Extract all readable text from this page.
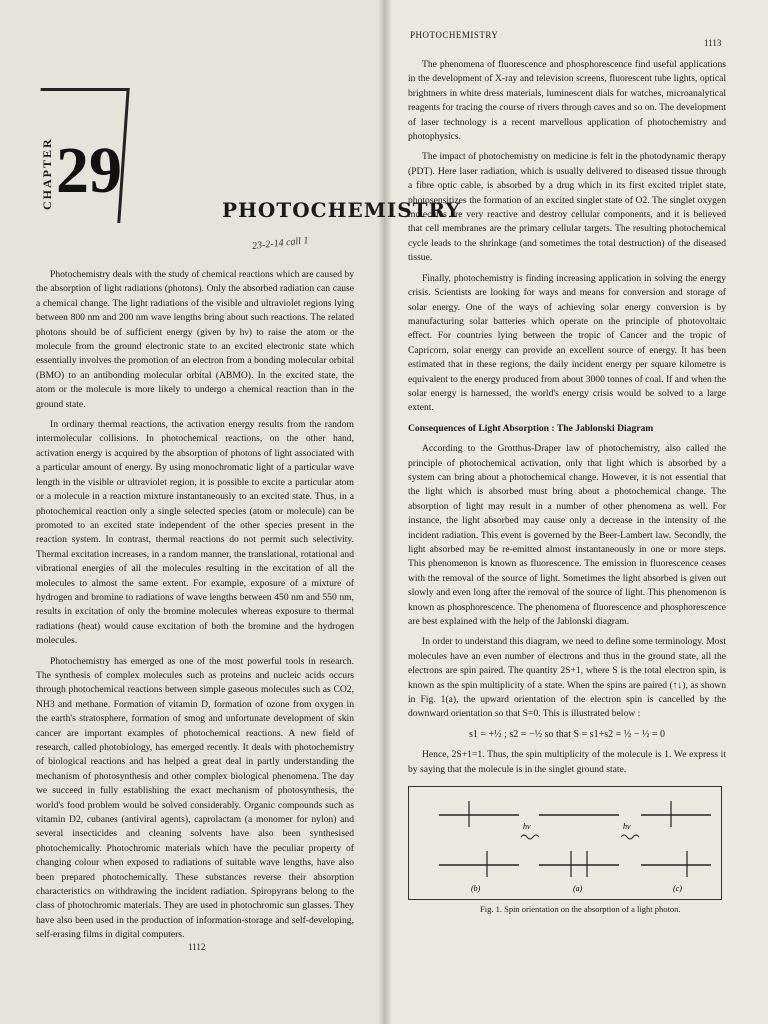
CHAPTER 29
PHOTOCHEMISTRY
23-2-14 call 1

Photochemistry deals with the study of chemical reactions which are caused by the absorption of light radiations (photons). Only the absorbed radiation can cause a chemical change. The light radiations of the visible and ultraviolet regions lying between 800 nm and 200 nm wave lengths bring about such reactions. The related photons should be of sufficient energy (given by hν) to raise the atom or the molecule from the ground electronic state to an excited electronic state which essentially involves the promotion of an electron from a bonding molecular orbital (BMO) to an antibonding molecular orbital (ABMO). In the excited state, the atom or the molecule is more likely to undergo a chemical reaction than in the ground state.

In ordinary thermal reactions, the activation energy results from the random intermolecular collisions. In photochemical reactions, on the other hand, activation energy is acquired by the absorption of photons of light associated with a particular amount of energy. By using monochromatic light of a particular wave length in the visible or ultraviolet region, it is possible to excite a particular atom or a molecule in a reaction mixture instantaneously to an excited state. Thus, in a photochemical reaction only a single selected species (atom or molecule) can be promoted to an excited state independent of the other species present in the reaction system. In contrast, thermal reactions do not permit such selectivity. Thermal excitation increases, in a random manner, the translational, rotational and vibrational energies of all the molecules resulting in the excitation of all the molecules to almost the same extent. For example, exposure of a mixture of hydrogen and bromine to radiations of wave lengths between 450 nm and 550 nm, results in excitation of only the bromine molecules whereas exposure to thermal radiations (heat) would cause excitation of both the bromine and the hydrogen molecules.

Photochemistry has emerged as one of the most powerful tools in research. The synthesis of complex molecules such as proteins and nucleic acids occurs through photochemical reactions between simple gaseous molecules such as CO2, NH3 and methane. Formation of vitamin D, formation of ozone from oxygen in the earth's stratosphere, formation of smog and unfortunate development of skin cancer are important examples of photochemical reactions. A new field of research, called photobiology, has emerged recently. It deals with photochemistry of biological reactions and has helped a great deal in partly understanding the mechanism of photosynthesis and other complex biological phenomena. The day we succeed in fully establishing the exact mechanism of photosynthesis, the world's food problem would be solved considerably. Organic compounds such as vitamin D2, cubanes (antiviral agents), caprolactam (a monomer for nylon) and several insecticides and cleaning solvents have also been synthesised photochemically. Photochromic materials which have the peculiar property of changing colour when exposed to radiations of suitable wave lengths, have also been prepared photochemically. These substances reverse their absorption characteristics on withdrawing the incident radiation. Spiropyrans belong to the class of photochromic materials. They are used in photochromic sun glasses. They have also been used in the production of information-storage and self-developing, self-erasing films in digital computers.

1112
PHOTOCHEMISTRY
1113

The phenomena of fluorescence and phosphorescence find useful applications in the development of X-ray and television screens, fluorescent tube lights, optical brightners in white dress materials, luminescent dials for watches, microanalytical reagents for tracing the course of rivers through caves and so on. The development of laser technology is a recent marvellous application of photochemistry and photophysics.

The impact of photochemistry on medicine is felt in the photodynamic therapy (PDT). Here laser radiation, which is usually delivered to diseased tissue through a fibre optic cable, is absorbed by a drug which in its first excited triplet state, photosensitizes the formation of an excited singlet state of O2. The singlet oxygen molecules are very reactive and destroy cellular components, and it is believed that cell membranes are the primary cellular targets. The resulting photochemical cycle leads to the shrinkage (and sometimes the total destruction) of the diseased tissue.

Finally, photochemistry is finding increasing application in solving the energy crisis. Scientists are looking for ways and means for conversion and storage of solar energy. One of the ways of achieving solar energy conversion is by manufacturing solar batteries which operate on the principle of photovoltaic effect. For countries lying between the tropic of Cancer and the tropic of Capricorn, solar energy can provide an excellent source of energy. It has been estimated that in these regions, the daily incident energy per square kilometre is equivalent to the energy produced from about 3000 tonnes of coal. If and when the solar energy is harnessed, the world's energy crisis would be solved to a large extent.

Consequences of Light Absorption : The Jablonski Diagram

According to the Grotthus-Draper law of photochemistry, also called the principle of photochemical activation, only that light which is absorbed by a system can bring about a photochemical change. However, it is not essential that the light which is absorbed must bring about a photochemical change. The absorption of light may result in a number of other phenomena as well. For instance, the light absorbed may cause only a decrease in the intensity of the incident radiation. This event is governed by the Beer-Lambert law. Secondly, the light absorbed may be re-emitted almost instantaneously in one or more steps. This phenomenon is known as fluorescence. The emission in fluorescence ceases with the removal of the source of light. Sometimes the light absorbed is given out slowly and even long after the removal of the source of light. This phenomenon is known as phosphorescence. The phenomena of fluorescence and phosphorescence are best explained with the help of the Jablonski diagram.

In order to understand this diagram, we need to define some terminology. Most molecules have an even number of electrons and thus in the ground state, all the electrons are spin paired. The quantity 2S+1, where S is the total electron spin, is known as the spin multiplicity of a state. When the spins are paired (↑↓), as shown in Fig. 1(a), the upward orientation of the electron spin is cancelled by the downward orientation so that S=0. This is illustrated below :

s1 = +½ ; s2 = −½ so that S = s1+s2 = ½ − ½ = 0

Hence, 2S+1=1. Thus, the spin multiplicity of the molecule is 1. We express it by saying that the molecule is in the singlet ground state.

hν	hν
(b)	(a)	(c)
Fig. 1. Spin orientation on the absorption of a light photon.
